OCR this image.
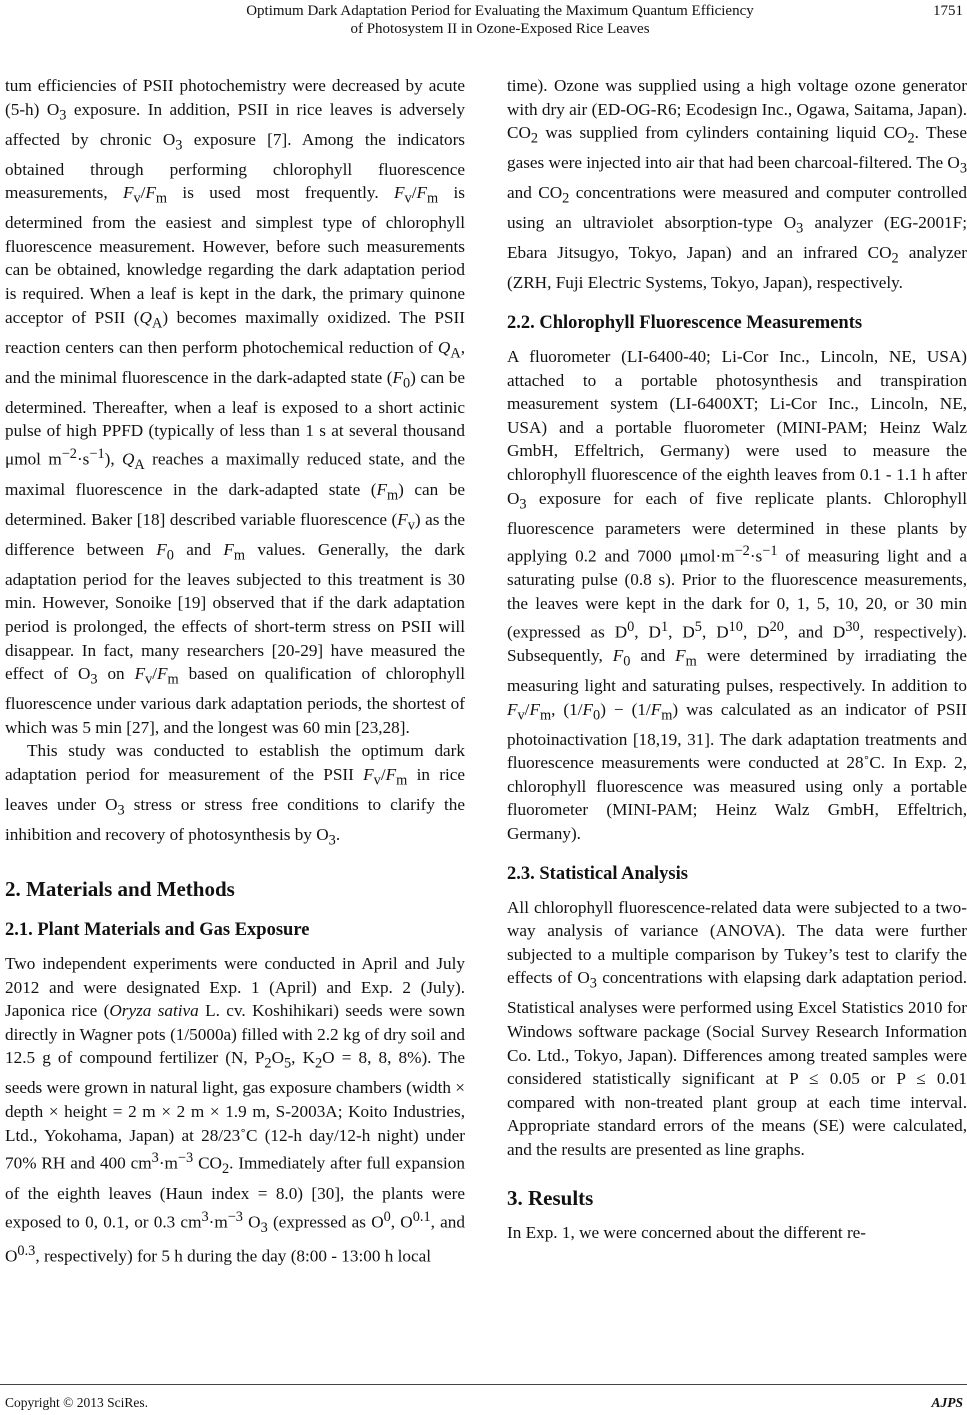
Optimum Dark Adaptation Period for Evaluating the Maximum Quantum Efficiency
of Photosystem II in Ozone-Exposed Rice Leaves
1751

tum efficiencies of PSII photochemistry were decreased by acute (5-h) $O_3$ exposure. In addition, PSII in rice leaves is adversely affected by chronic $O_3$ exposure [7]. Among the indicators obtained through performing chlorophyll fluorescence measurements, $F_v/F_m$ is used most frequently. $F_v/F_m$ is determined from the easiest and simplest type of chlorophyll fluorescence measurement. However, before such measurements can be obtained, knowledge regarding the dark adaptation period is required. When a leaf is kept in the dark, the primary quinone acceptor of PSII $(Q_A)$ becomes maximally oxidized. The PSII reaction centers can then perform photochemical reduction of $Q_A$, and the minimal fluorescence in the dark-adapted state $(F_0)$ can be determined. Thereafter, when a leaf is exposed to a short actinic pulse of high PPFD (typically of less than 1 s at several thousand μmol $m^{-2}\cdot s^{-1}$), $Q_A$ reaches a maximally reduced state, and the maximal fluorescence in the dark-adapted state $(F_m)$ can be determined. Baker [18] described variable fluorescence $(F_v)$ as the difference between $F_0$ and $F_m$ values. Generally, the dark adaptation period for the leaves subjected to this treatment is 30 min. However, Sonoike [19] observed that if the dark adaptation period is prolonged, the effects of short-term stress on PSII will disappear. In fact, many researchers [20-29] have measured the effect of $O_3$ on $F_v/F_m$ based on qualification of chlorophyll fluorescence under various dark adaptation periods, the shortest of which was 5 min [27], and the longest was 60 min [23,28].

This study was conducted to establish the optimum dark adaptation period for measurement of the PSII $F_v/F_m$ in rice leaves under $O_3$ stress or stress free conditions to clarify the inhibition and recovery of photosynthesis by $O_3$.

2. Materials and Methods
2.1. Plant Materials and Gas Exposure

Two independent experiments were conducted in April and July 2012 and were designated Exp. 1 (April) and Exp. 2 (July). Japonica rice (Oryza sativa L. cv. Koshihikari) seeds were sown directly in Wagner pots (1/5000a) filled with 2.2 kg of dry soil and 12.5 g of compound fertilizer (N, $P_2O_5$, $K_2O = 8$, 8, 8%). The seeds were grown in natural light, gas exposure chambers (width × depth × height = 2 m × 2 m × 1.9 m, S-2003A; Koito Industries, Ltd., Yokohama, Japan) at 28/23˚C (12-h day/12-h night) under 70% RH and 400 $cm^3\cdot m^{-3}$ $CO_2$. Immediately after full expansion of the eighth leaves (Haun index = 8.0) [30], the plants were exposed to 0, 0.1, or 0.3 $cm^3\cdot m^{-3}$ $O_3$ (expressed as $O^0$, $O^{0.1}$, and $O^{0.3}$, respectively) for 5 h during the day (8:00 - 13:00 h local

time). Ozone was supplied using a high voltage ozone generator with dry air (ED-OG-R6; Ecodesign Inc., Ogawa, Saitama, Japan). $CO_2$ was supplied from cylinders containing liquid $CO_2$. These gases were injected into air that had been charcoal-filtered. The $O_3$ and $CO_2$ concentrations were measured and computer controlled using an ultraviolet absorption-type $O_3$ analyzer (EG-2001F; Ebara Jitsugyo, Tokyo, Japan) and an infrared $CO_2$ analyzer (ZRH, Fuji Electric Systems, Tokyo, Japan), respectively.

2.2. Chlorophyll Fluorescence Measurements

A fluorometer (LI-6400-40; Li-Cor Inc., Lincoln, NE, USA) attached to a portable photosynthesis and transpiration measurement system (LI-6400XT; Li-Cor Inc., Lincoln, NE, USA) and a portable fluorometer (MINI-PAM; Heinz Walz GmbH, Effeltrich, Germany) were used to measure the chlorophyll fluorescence of the eighth leaves from 0.1 - 1.1 h after $O_3$ exposure for each of five replicate plants. Chlorophyll fluorescence parameters were determined in these plants by applying 0.2 and 7000 $\mu mol\cdot m^{-2}\cdot s^{-1}$ of measuring light and a saturating pulse (0.8 s). Prior to the fluorescence measurements, the leaves were kept in the dark for 0, 1, 5, 10, 20, or 30 min (expressed as $D^0$, $D^1$, $D^5$, $D^{10}$, $D^{20}$, and $D^{30}$, respectively). Subsequently, $F_0$ and $F_m$ were determined by irradiating the measuring light and saturating pulses, respectively. In addition to $F_v/F_m$, $(1/F_0) - (1/F_m)$ was calculated as an indicator of PSII photoinactivation [18,19, 31]. The dark adaptation treatments and fluorescence measurements were conducted at 28˚C. In Exp. 2, chlorophyll fluorescence was measured using only a portable fluorometer (MINI-PAM; Heinz Walz GmbH, Effeltrich, Germany).

2.3. Statistical Analysis

All chlorophyll fluorescence-related data were subjected to a two-way analysis of variance (ANOVA). The data were further subjected to a multiple comparison by Tukey’s test to clarify the effects of $O_3$ concentrations with elapsing dark adaptation period. Statistical analyses were performed using Excel Statistics 2010 for Windows software package (Social Survey Research Information Co. Ltd., Tokyo, Japan). Differences among treated samples were considered statistically significant at P ≤ 0.05 or P ≤ 0.01 compared with non-treated plant group at each time interval. Appropriate standard errors of the means (SE) were calculated, and the results are presented as line graphs.

3. Results

In Exp. 1, we were concerned about the different re-

Copyright © 2013 SciRes.	AJPS
